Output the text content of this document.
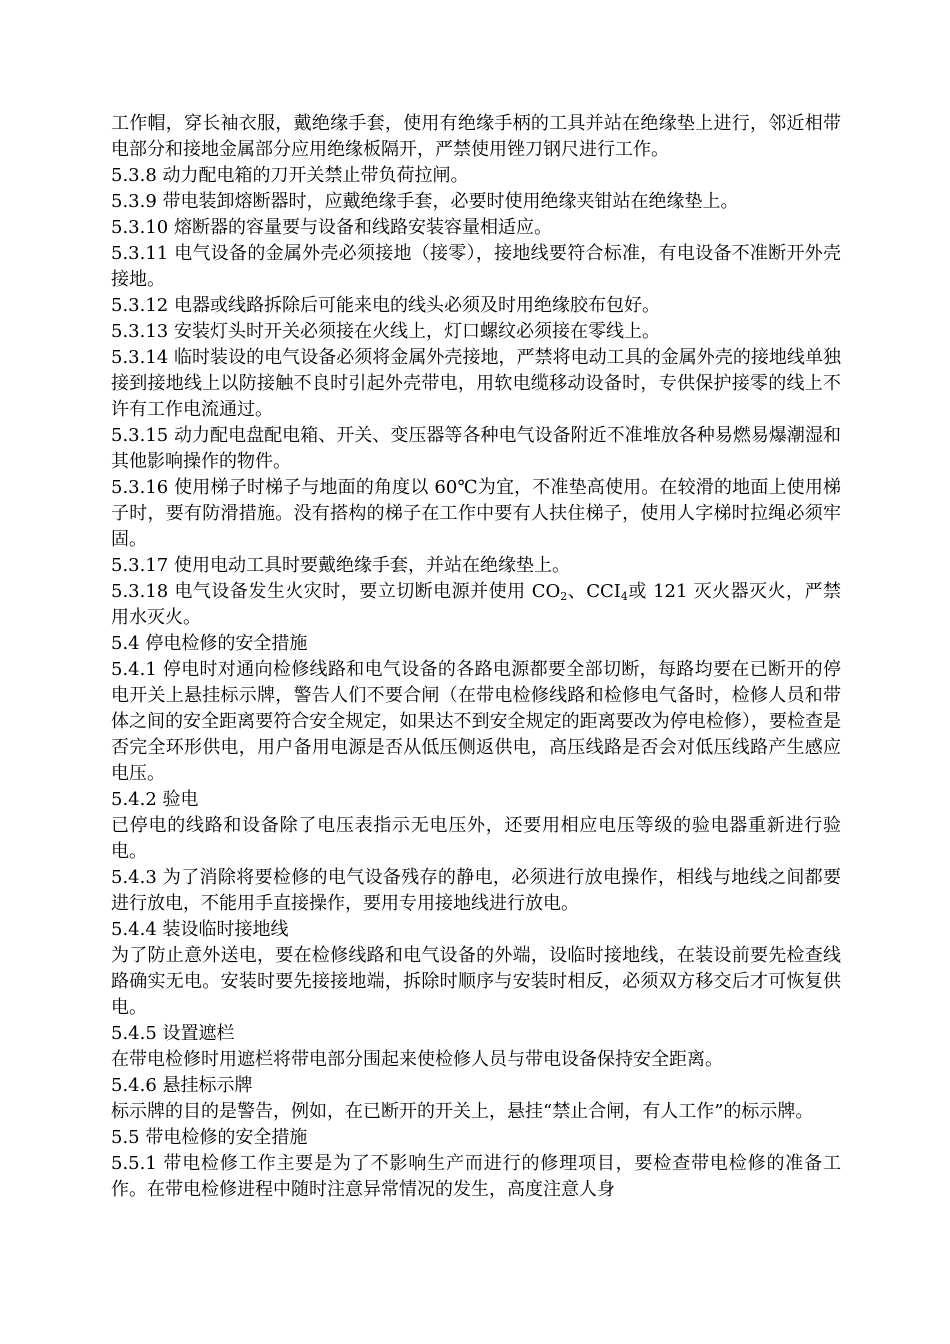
工作帽，穿长袖衣服，戴绝缘手套，使用有绝缘手柄的工具并站在绝缘垫上进行，邻近相带电部分和接地金属部分应用绝缘板隔开，严禁使用锉刀钢尺进行工作。

5.3.8 动力配电箱的刀开关禁止带负荷拉闸。

5.3.9 带电装卸熔断器时，应戴绝缘手套，必要时使用绝缘夹钳站在绝缘垫上。

5.3.10 熔断器的容量要与设备和线路安装容量相适应。

5.3.11 电气设备的金属外壳必须接地（接零），接地线要符合标准，有电设备不准断开外壳接地。

5.3.12 电器或线路拆除后可能来电的线头必须及时用绝缘胶布包好。

5.3.13 安装灯头时开关必须接在火线上，灯口螺纹必须接在零线上。

5.3.14 临时装设的电气设备必须将金属外壳接地，严禁将电动工具的金属外壳的接地线单独接到接地线上以防接触不良时引起外壳带电，用软电缆移动设备时，专供保护接零的线上不许有工作电流通过。

5.3.15 动力配电盘配电箱、开关、变压器等各种电气设备附近不准堆放各种易燃易爆潮湿和其他影响操作的物件。

5.3.16 使用梯子时梯子与地面的角度以 60℃为宜，不准垫高使用。在较滑的地面上使用梯子时，要有防滑措施。没有搭构的梯子在工作中要有人扶住梯子，使用人字梯时拉绳必须牢固。

5.3.17 使用电动工具时要戴绝缘手套，并站在绝缘垫上。

5.3.18 电气设备发生火灾时，要立切断电源并使用 $CO_2$、$CCI_4$或 121 灭火器灭火，严禁用水灭火。

5.4 停电检修的安全措施

5.4.1 停电时对通向检修线路和电气设备的各路电源都要全部切断，每路均要在已断开的停电开关上悬挂标示牌，警告人们不要合闸（在带电检修线路和检修电气备时，检修人员和带体之间的安全距离要符合安全规定，如果达不到安全规定的距离要改为停电检修），要检查是否完全环形供电，用户备用电源是否从低压侧返供电，高压线路是否会对低压线路产生感应电压。

5.4.2 验电

已停电的线路和设备除了电压表指示无电压外，还要用相应电压等级的验电器重新进行验电。

5.4.3 为了消除将要检修的电气设备残存的静电，必须进行放电操作，相线与地线之间都要进行放电，不能用手直接操作，要用专用接地线进行放电。

5.4.4 装设临时接地线

为了防止意外送电，要在检修线路和电气设备的外端，设临时接地线，在装设前要先检查线路确实无电。安装时要先接接地端，拆除时顺序与安装时相反，必须双方移交后才可恢复供电。

5.4.5 设置遮栏

在带电检修时用遮栏将带电部分围起来使检修人员与带电设备保持安全距离。

5.4.6 悬挂标示牌

标示牌的目的是警告，例如，在已断开的开关上，悬挂“禁止合闸，有人工作”的标示牌。

5.5 带电检修的安全措施

5.5.1 带电检修工作主要是为了不影响生产而进行的修理项目，要检查带电检修的准备工作。在带电检修进程中随时注意异常情况的发生，高度注意人身
